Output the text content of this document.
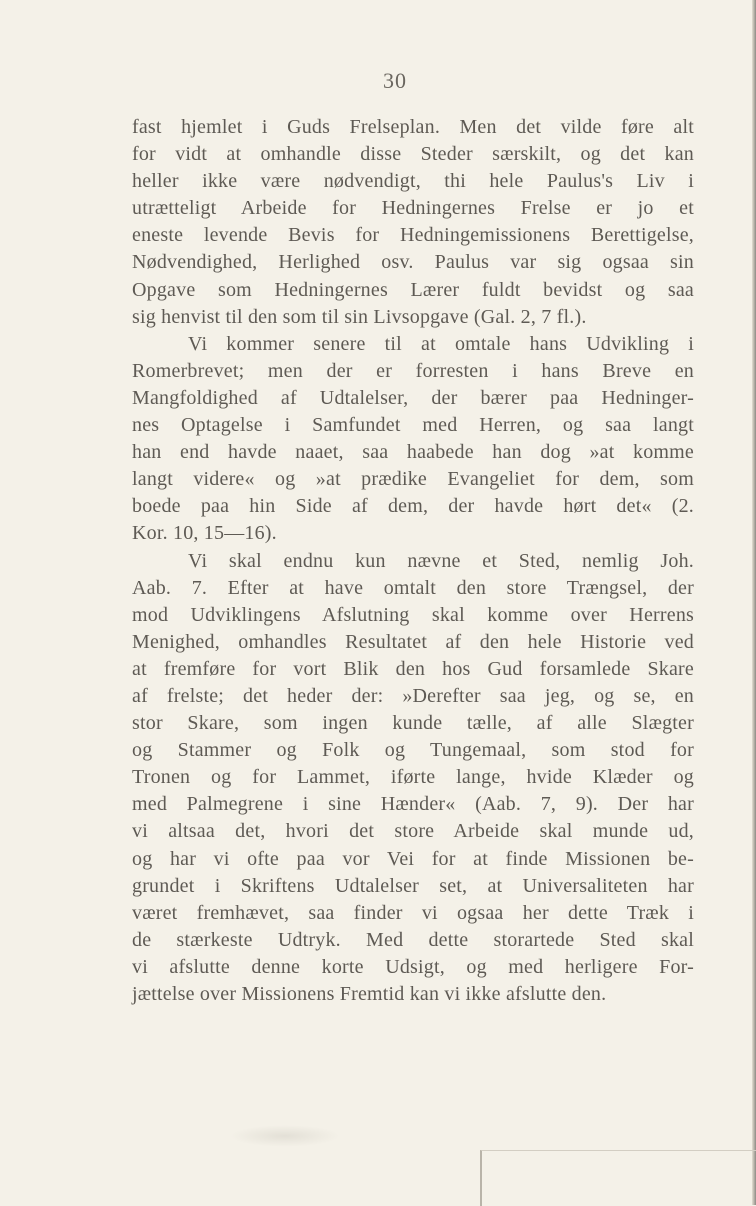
30
fast hjemlet i Guds Frelseplan. Men det vilde føre alt
for vidt at omhandle disse Steder særskilt, og det kan
heller ikke være nødvendigt, thi hele Paulus's Liv i
utrætteligt Arbeide for Hedningernes Frelse er jo et
eneste levende Bevis for Hedningemissionens Berettigelse,
Nødvendighed, Herlighed osv. Paulus var sig ogsaa sin
Opgave som Hedningernes Lærer fuldt bevidst og saa
sig henvist til den som til sin Livsopgave (Gal. 2, 7 fl.).
Vi kommer senere til at omtale hans Udvikling i
Romerbrevet; men der er forresten i hans Breve en
Mangfoldighed af Udtalelser, der bærer paa Hedninger-
nes Optagelse i Samfundet med Herren, og saa langt
han end havde naaet, saa haabede han dog »at komme
langt videre« og »at prædike Evangeliet for dem, som
boede paa hin Side af dem, der havde hørt det« (2.
Kor. 10, 15—16).
Vi skal endnu kun nævne et Sted, nemlig Joh.
Aab. 7. Efter at have omtalt den store Trængsel, der
mod Udviklingens Afslutning skal komme over Herrens
Menighed, omhandles Resultatet af den hele Historie ved
at fremføre for vort Blik den hos Gud forsamlede Skare
af frelste; det heder der: »Derefter saa jeg, og se, en
stor Skare, som ingen kunde tælle, af alle Slægter
og Stammer og Folk og Tungemaal, som stod for
Tronen og for Lammet, iførte lange, hvide Klæder og
med Palmegrene i sine Hænder« (Aab. 7, 9). Der har
vi altsaa det, hvori det store Arbeide skal munde ud,
og har vi ofte paa vor Vei for at finde Missionen be-
grundet i Skriftens Udtalelser set, at Universaliteten har
været fremhævet, saa finder vi ogsaa her dette Træk i
de stærkeste Udtryk. Med dette storartede Sted skal
vi afslutte denne korte Udsigt, og med herligere For-
jættelse over Missionens Fremtid kan vi ikke afslutte den.
